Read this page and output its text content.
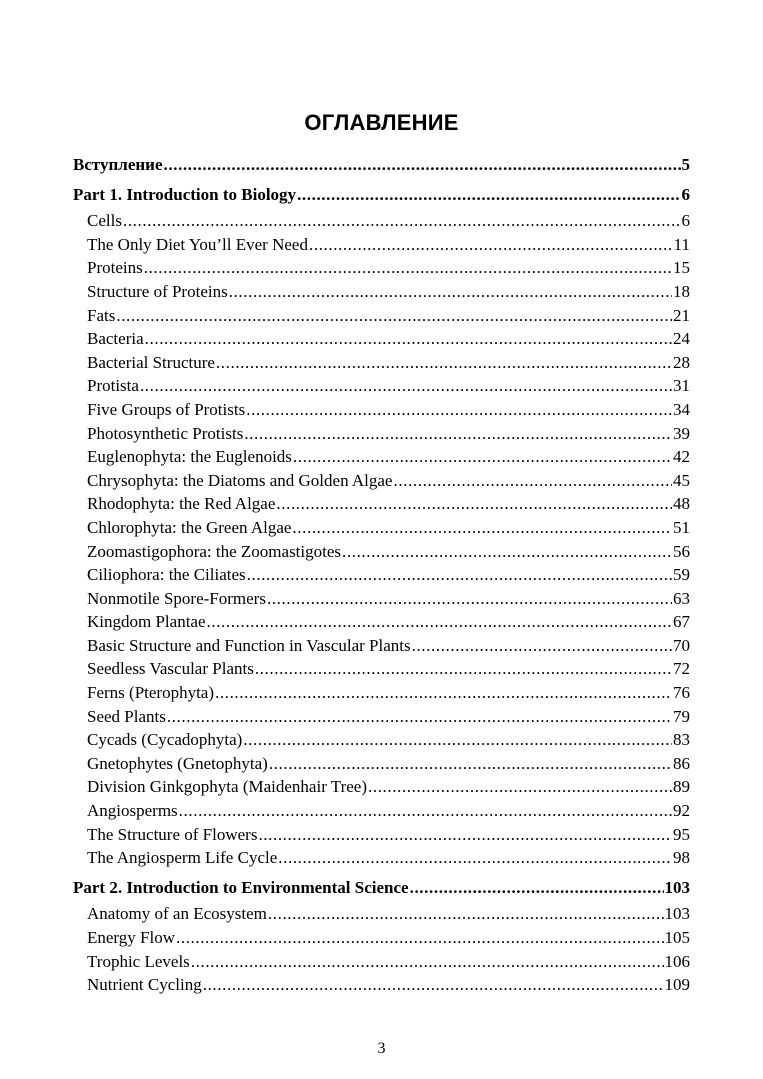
ОГЛАВЛЕНИЕ
Вступление .....	5
Part 1. Introduction to Biology .....	6
Cells .....	6
The Only Diet You’ll Ever Need .....	11
Proteins .....	15
Structure of Proteins .....	18
Fats .....	21
Bacteria .....	24
Bacterial Structure .....	28
Protista .....	31
Five Groups of Protists .....	34
Photosynthetic Protists .....	39
Euglenophyta: the Euglenoids .....	42
Chrysophyta: the Diatoms and Golden Algae .....	45
Rhodophyta: the Red Algae .....	48
Chlorophyta: the Green Algae .....	51
Zoomastigophora: the Zoomastigotes .....	56
Ciliophora: the Ciliates .....	59
Nonmotile Spore-Formers .....	63
Kingdom Plantae .....	67
Basic Structure and Function in Vascular Plants .....	70
Seedless Vascular Plants .....	72
Ferns (Pterophyta) .....	76
Seed Plants .....	79
Cycads (Cycadophyta) .....	83
Gnetophytes (Gnetophyta) .....	86
Division Ginkgophyta (Maidenhair Tree) .....	89
Angiosperms .....	92
The Structure of Flowers .....	95
The Angiosperm Life Cycle .....	98
Part 2. Introduction to Environmental Science .....	103
Anatomy of an Ecosystem .....	103
Energy Flow .....	105
Trophic Levels .....	106
Nutrient Cycling .....	109
3
